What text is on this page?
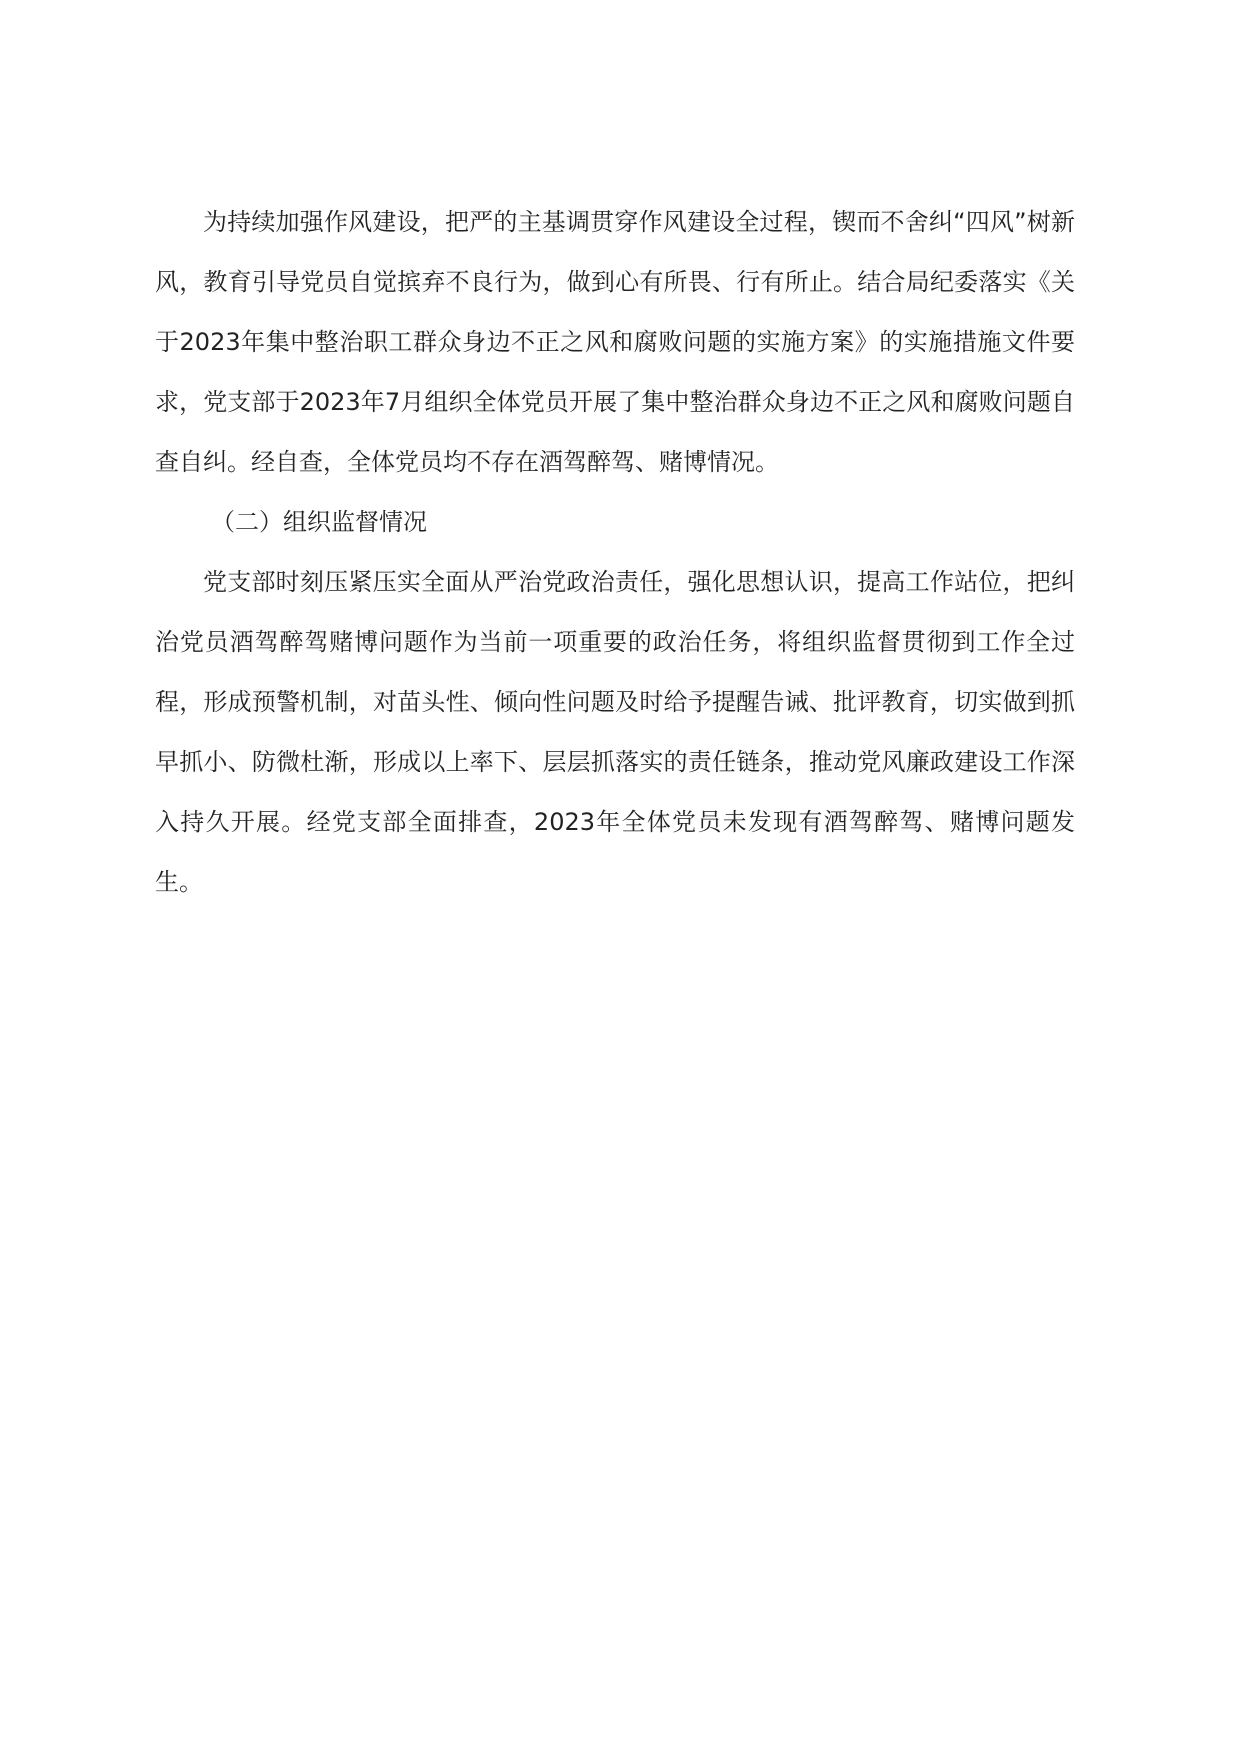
为持续加强作风建设，把严的主基调贯穿作风建设全过程，锲而不舍纠“四风”树新风，教育引导党员自觉摈弃不良行为，做到心有所畏、行有所止。结合局纪委落实《关于2023年集中整治职工群众身边不正之风和腐败问题的实施方案》的实施措施文件要求，党支部于2023年7月组织全体党员开展了集中整治群众身边不正之风和腐败问题自查自纠。经自查，全体党员均不存在酒驾醉驾、赌博情况。

（二）组织监督情况

党支部时刻压紧压实全面从严治党政治责任，强化思想认识，提高工作站位，把纠治党员酒驾醉驾赌博问题作为当前一项重要的政治任务，将组织监督贯彻到工作全过程，形成预警机制，对苗头性、倾向性问题及时给予提醒告诫、批评教育，切实做到抓早抓小、防微杜渐，形成以上率下、层层抓落实的责任链条，推动党风廉政建设工作深入持久开展。经党支部全面排查，2023年全体党员未发现有酒驾醉驾、赌博问题发生。
